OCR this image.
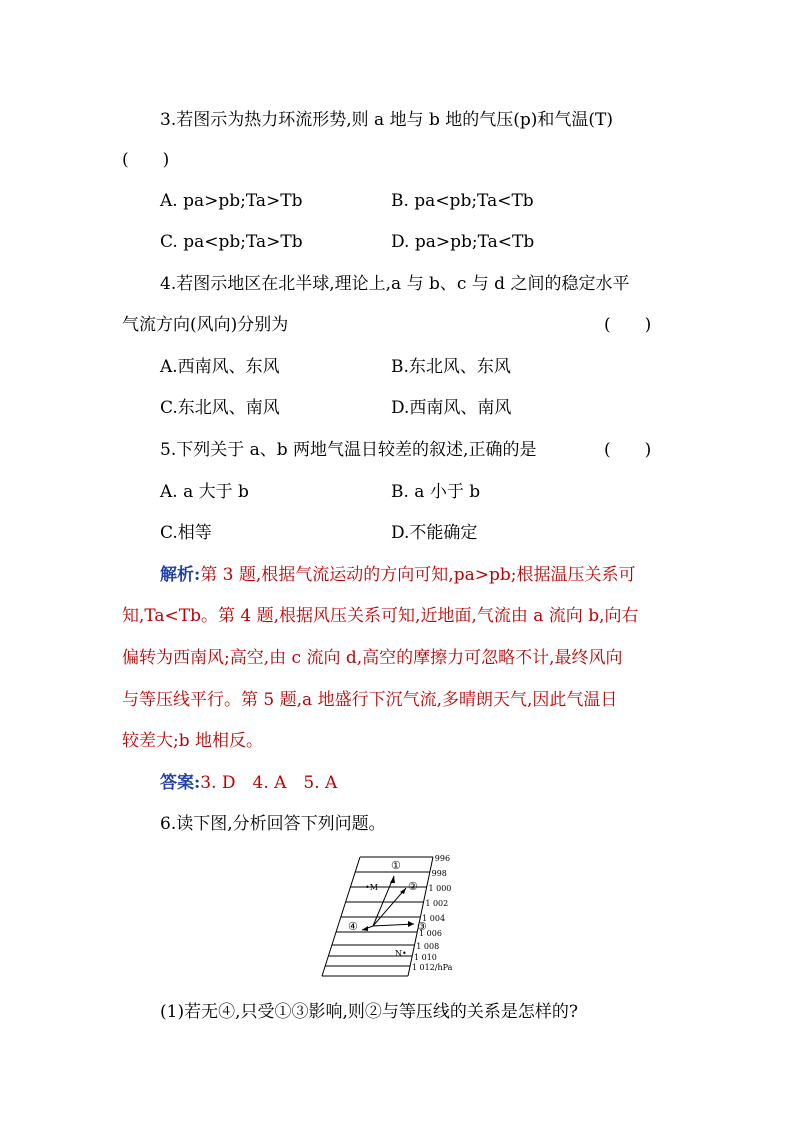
3.若图示为热力环流形势,则 a 地与 b 地的气压(p)和气温(T)
(　　)
A. pa>pb;Ta>Tb	B. pa<pb;Ta<Tb
C. pa<pb;Ta>Tb	D. pa>pb;Ta<Tb
4.若图示地区在北半球,理论上,a 与 b、c 与 d 之间的稳定水平
气流方向(风向)分别为	(　　)
A.西南风、东风	B.东北风、东风
C.东北风、南风	D.西南风、南风
5.下列关于 a、b 两地气温日较差的叙述,正确的是	(　　)
A. a 大于 b	B. a 小于 b
C.相等	D.不能确定
解析:第 3 题,根据气流运动的方向可知,pa>pb;根据温压关系可
知,Ta<Tb。第 4 题,根据风压关系可知,近地面,气流由 a 流向 b,向右
偏转为西南风;高空,由 c 流向 d,高空的摩擦力可忽略不计,最终风向
与等压线平行。第 5 题,a 地盛行下沉气流,多晴朗天气,因此气温日
较差大;b 地相反。
答案:3. D　4. A　5. A
6.读下图,分析回答下列问题。
996
998
1 000
1 002
1 004
1 006
1 008
1 010
1 012/hPa
①
②
③
④
•M
N•
(1)若无④,只受①③影响,则②与等压线的关系是怎样的?
